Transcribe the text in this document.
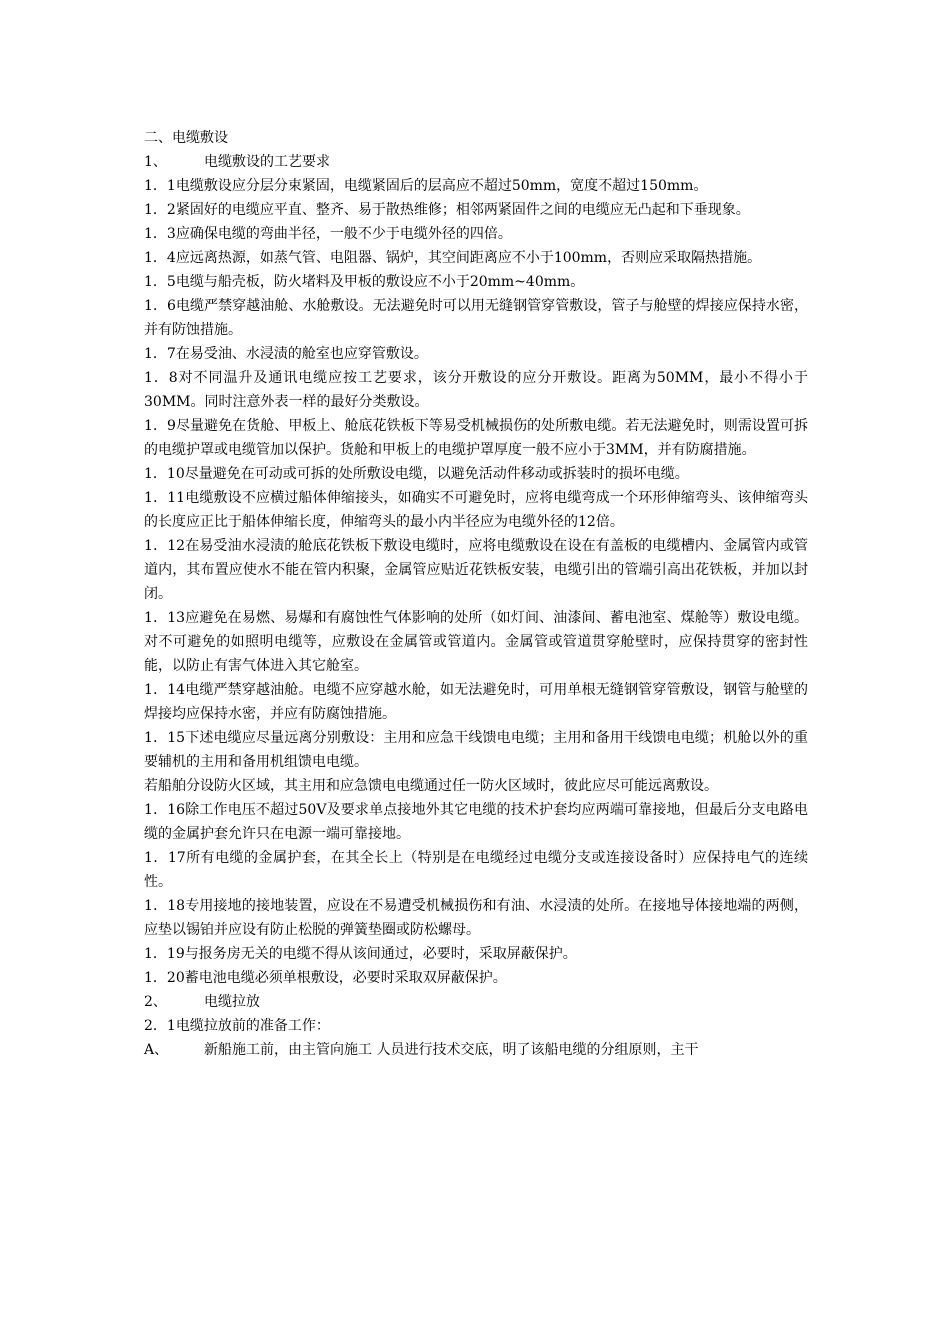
二、电缆敷设

1、	电缆敷设的工艺要求

1．1电缆敷设应分层分束紧固，电缆紧固后的层高应不超过50mm，宽度不超过150mm。

1．2紧固好的电缆应平直、整齐、易于散热维修；相邻两紧固件之间的电缆应无凸起和下垂现象。

1．3应确保电缆的弯曲半径，一般不少于电缆外径的四倍。

1．4应远离热源，如蒸气管、电阻器、锅炉，其空间距离应不小于100mm，否则应采取隔热措施。

1．5电缆与船壳板，防火堵料及甲板的敷设应不小于20mm~40mm。

1．6电缆严禁穿越油舱、水舱敷设。无法避免时可以用无缝钢管穿管敷设，管子与舱壁的焊接应保持水密，并有防蚀措施。

1．7在易受油、水浸渍的舱室也应穿管敷设。

1．8对不同温升及通讯电缆应按工艺要求，该分开敷设的应分开敷设。距离为50MM，最小不得小于30MM。同时注意外表一样的最好分类敷设。

1．9尽量避免在货舱、甲板上、舱底花铁板下等易受机械损伤的处所敷电缆。若无法避免时，则需设置可拆的电缆护罩或电缆管加以保护。货舱和甲板上的电缆护罩厚度一般不应小于3MM，并有防腐措施。

1．10尽量避免在可动或可拆的处所敷设电缆，以避免活动件移动或拆装时的损坏电缆。

1．11电缆敷设不应横过船体伸缩接头，如确实不可避免时，应将电缆弯成一个环形伸缩弯头、该伸缩弯头的长度应正比于船体伸缩长度，伸缩弯头的最小内半径应为电缆外径的12倍。

1．12在易受油水浸渍的舱底花铁板下敷设电缆时，应将电缆敷设在设在有盖板的电缆槽内、金属管内或管道内，其布置应使水不能在管内积聚，金属管应贴近花铁板安装，电缆引出的管端引高出花铁板，并加以封闭。

1．13应避免在易燃、易爆和有腐蚀性气体影响的处所（如灯间、油漆间、蓄电池室、煤舱等）敷设电缆。对不可避免的如照明电缆等，应敷设在金属管或管道内。金属管或管道贯穿舱壁时，应保持贯穿的密封性能，以防止有害气体进入其它舱室。

1．14电缆严禁穿越油舱。电缆不应穿越水舱，如无法避免时，可用单根无缝钢管穿管敷设，钢管与舱壁的焊接均应保持水密，并应有防腐蚀措施。

1．15下述电缆应尽量远离分别敷设：主用和应急干线馈电电缆；主用和备用干线馈电电缆；机舱以外的重要辅机的主用和备用机组馈电电缆。

若船舶分设防火区域，其主用和应急馈电电缆通过任一防火区域时，彼此应尽可能远离敷设。

1．16除工作电压不超过50V及要求单点接地外其它电缆的技术护套均应两端可靠接地，但最后分支电路电缆的金属护套允许只在电源一端可靠接地。

1．17所有电缆的金属护套，在其全长上（特别是在电缆经过电缆分支或连接设备时）应保持电气的连续性。

1．18专用接地的接地装置，应设在不易遭受机械损伤和有油、水浸渍的处所。在接地导体接地端的两侧，应垫以锡铂并应设有防止松脱的弹簧垫圈或防松螺母。

1．19与报务房无关的电缆不得从该间通过，必要时，采取屏蔽保护。

1．20蓄电池电缆必须单根敷设，必要时采取双屏蔽保护。

2、	电缆拉放

2．1电缆拉放前的准备工作：

A、	新船施工前，由主管向施工 人员进行技术交底，明了该船电缆的分组原则，主干
